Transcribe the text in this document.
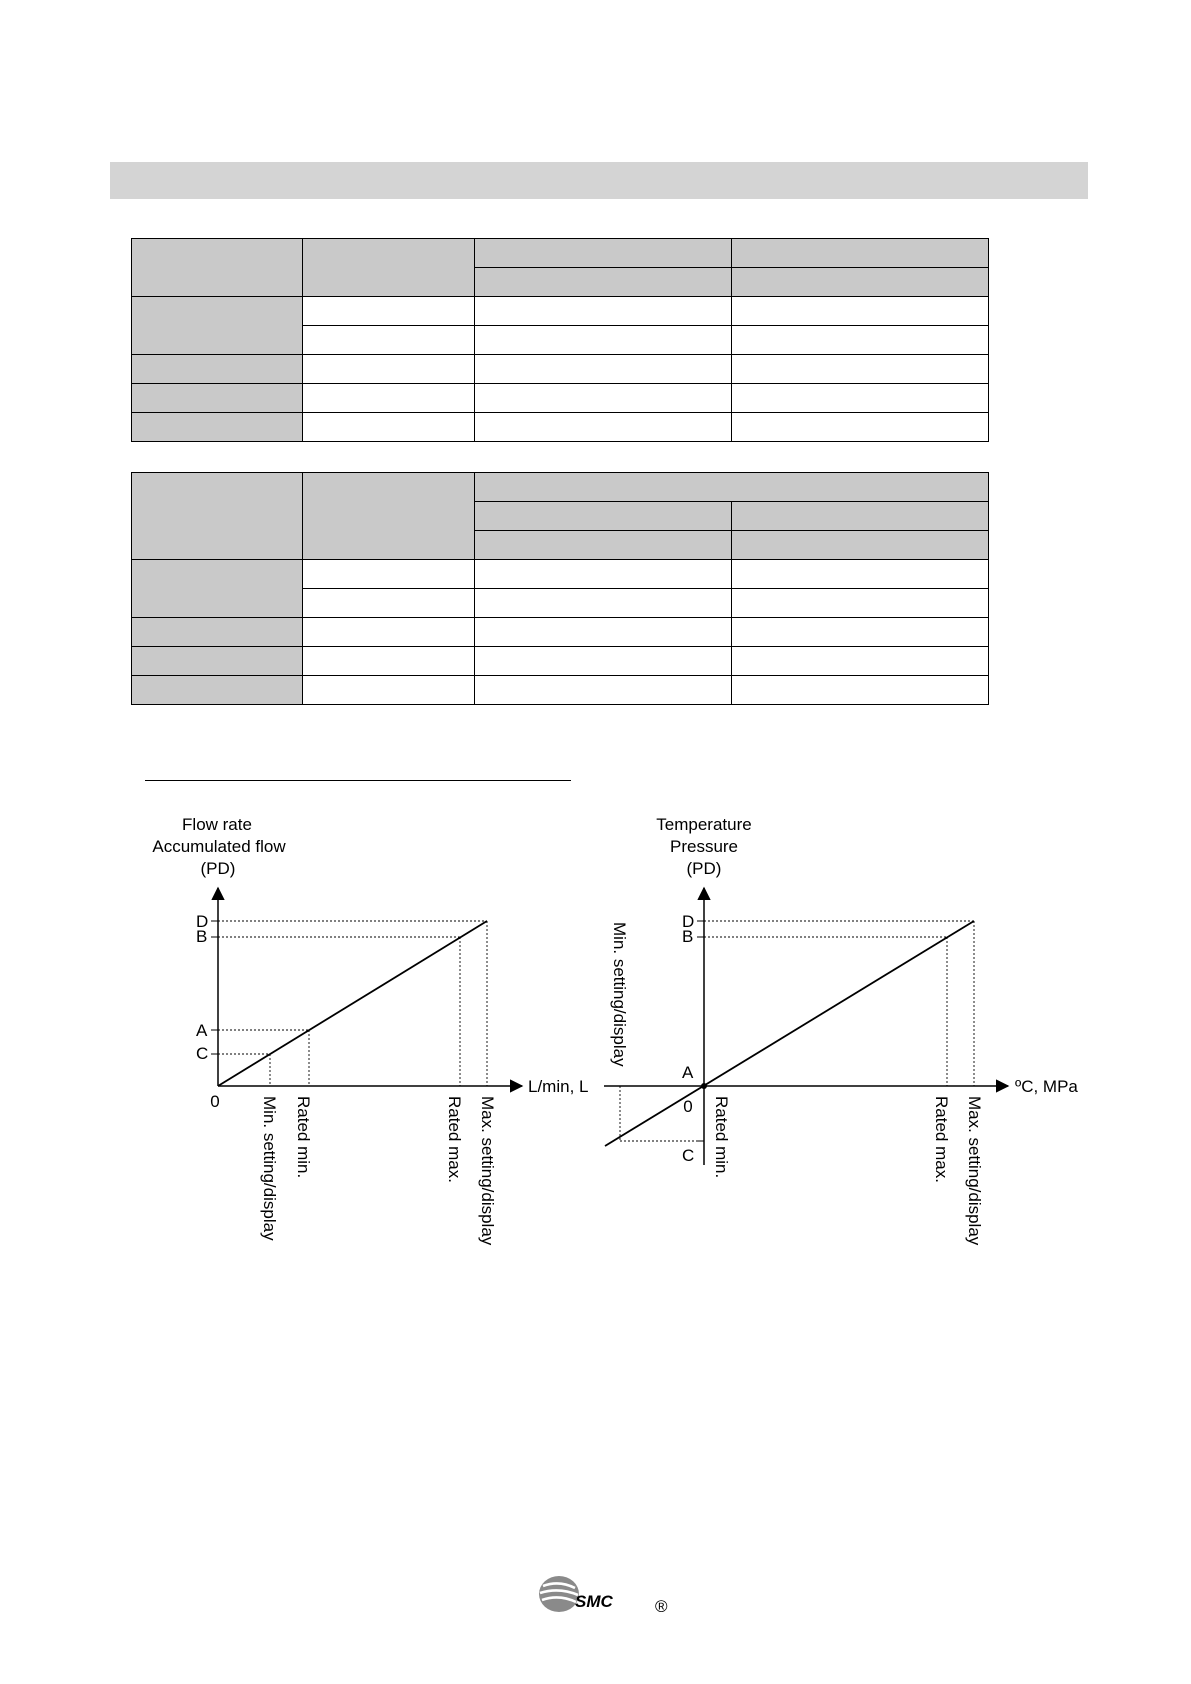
Flow rate
Accumulated flow
(PD)
L/min, L
0
D
B
A
C
Min. setting/display Rated min.	Rated max. Max. setting/display
Temperature
Pressure
(PD)
ºC, MPa
0
D
B
A
C
Min. setting/display
Rated min.	Rated max. Max. setting/display
SMC ®
